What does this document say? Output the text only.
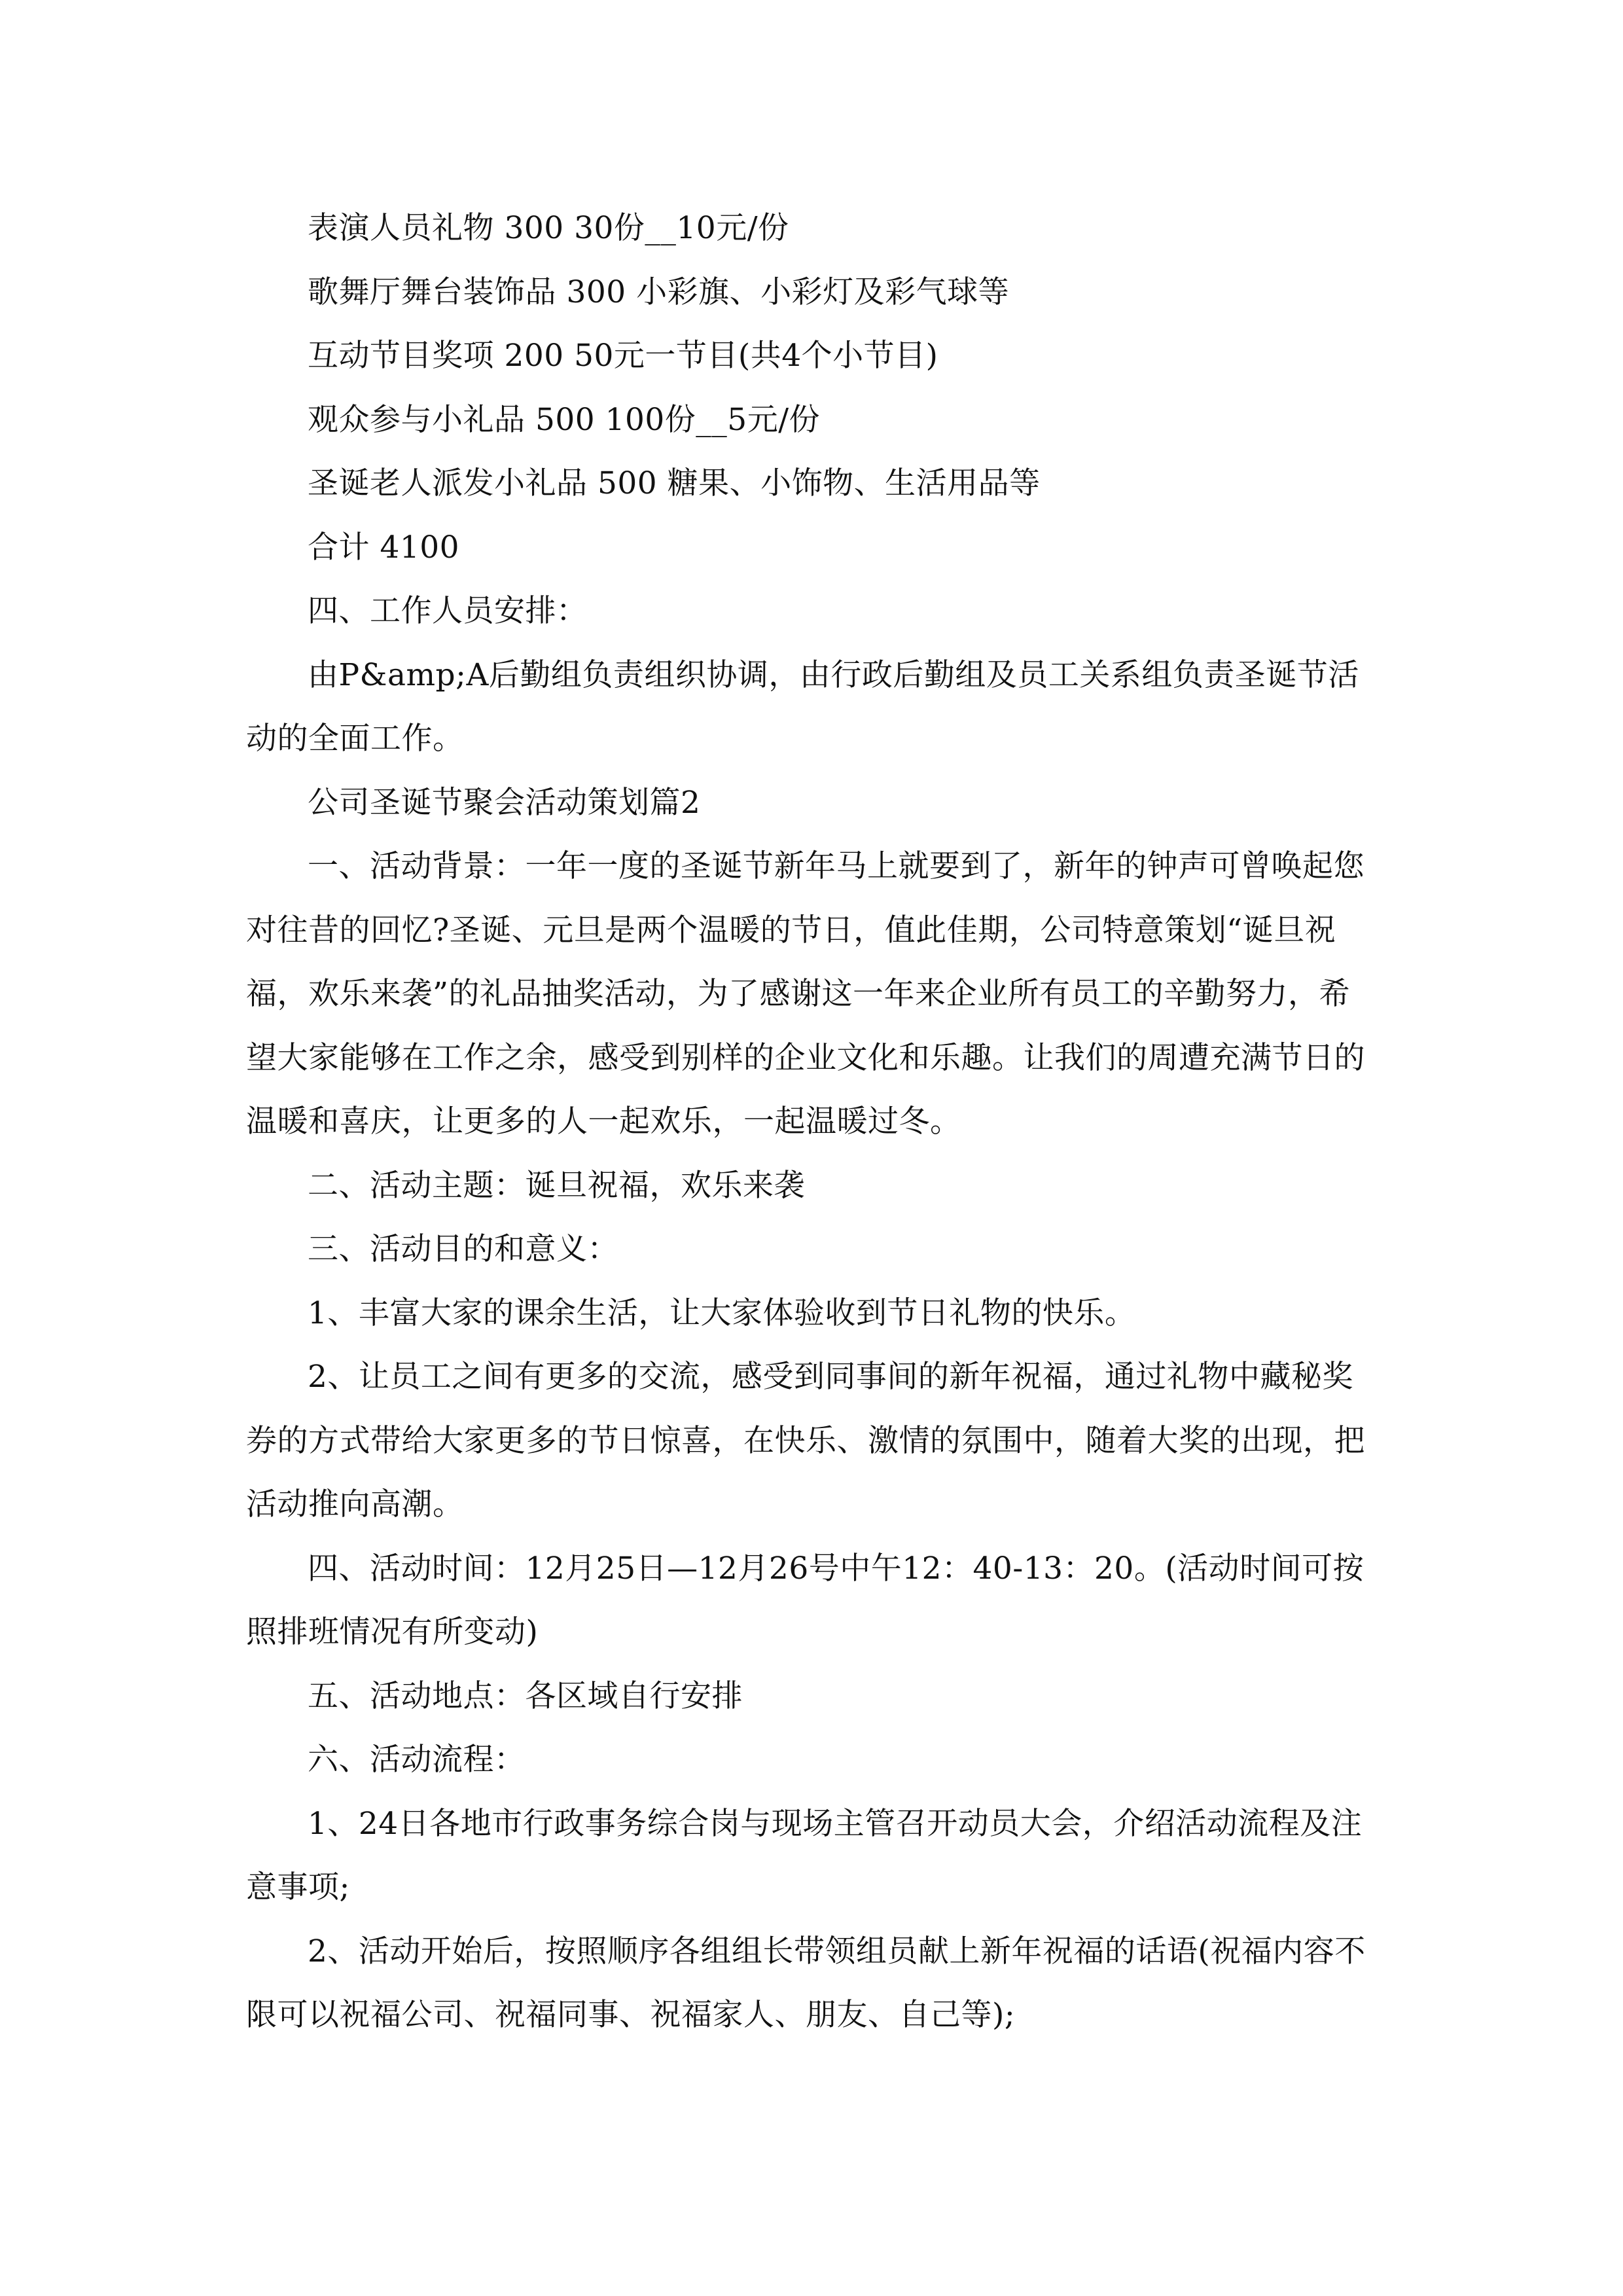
表演人员礼物 300 30份__10元/份

歌舞厅舞台装饰品 300 小彩旗、小彩灯及彩气球等

互动节目奖项 200 50元一节目(共4个小节目)

观众参与小礼品 500 100份__5元/份

圣诞老人派发小礼品 500 糖果、小饰物、生活用品等

合计 4100

四、工作人员安排：

由P&amp;A后勤组负责组织协调，由行政后勤组及员工关系组负责圣诞节活动的全面工作。

公司圣诞节聚会活动策划篇2

一、活动背景：一年一度的圣诞节新年马上就要到了，新年的钟声可曾唤起您对往昔的回忆?圣诞、元旦是两个温暖的节日，值此佳期，公司特意策划“诞旦祝福，欢乐来袭”的礼品抽奖活动，为了感谢这一年来企业所有员工的辛勤努力，希望大家能够在工作之余，感受到别样的企业文化和乐趣。让我们的周遭充满节日的温暖和喜庆，让更多的人一起欢乐，一起温暖过冬。

二、活动主题：诞旦祝福，欢乐来袭

三、活动目的和意义：

1、丰富大家的课余生活，让大家体验收到节日礼物的快乐。

2、让员工之间有更多的交流，感受到同事间的新年祝福，通过礼物中藏秘奖券的方式带给大家更多的节日惊喜，在快乐、激情的氛围中，随着大奖的出现，把活动推向高潮。

四、活动时间：12月25日—12月26号中午12：40-13：20。(活动时间可按照排班情况有所变动)

五、活动地点：各区域自行安排

六、活动流程：

1、24日各地市行政事务综合岗与现场主管召开动员大会，介绍活动流程及注意事项;

2、活动开始后，按照顺序各组组长带领组员献上新年祝福的话语(祝福内容不限可以祝福公司、祝福同事、祝福家人、朋友、自己等);
